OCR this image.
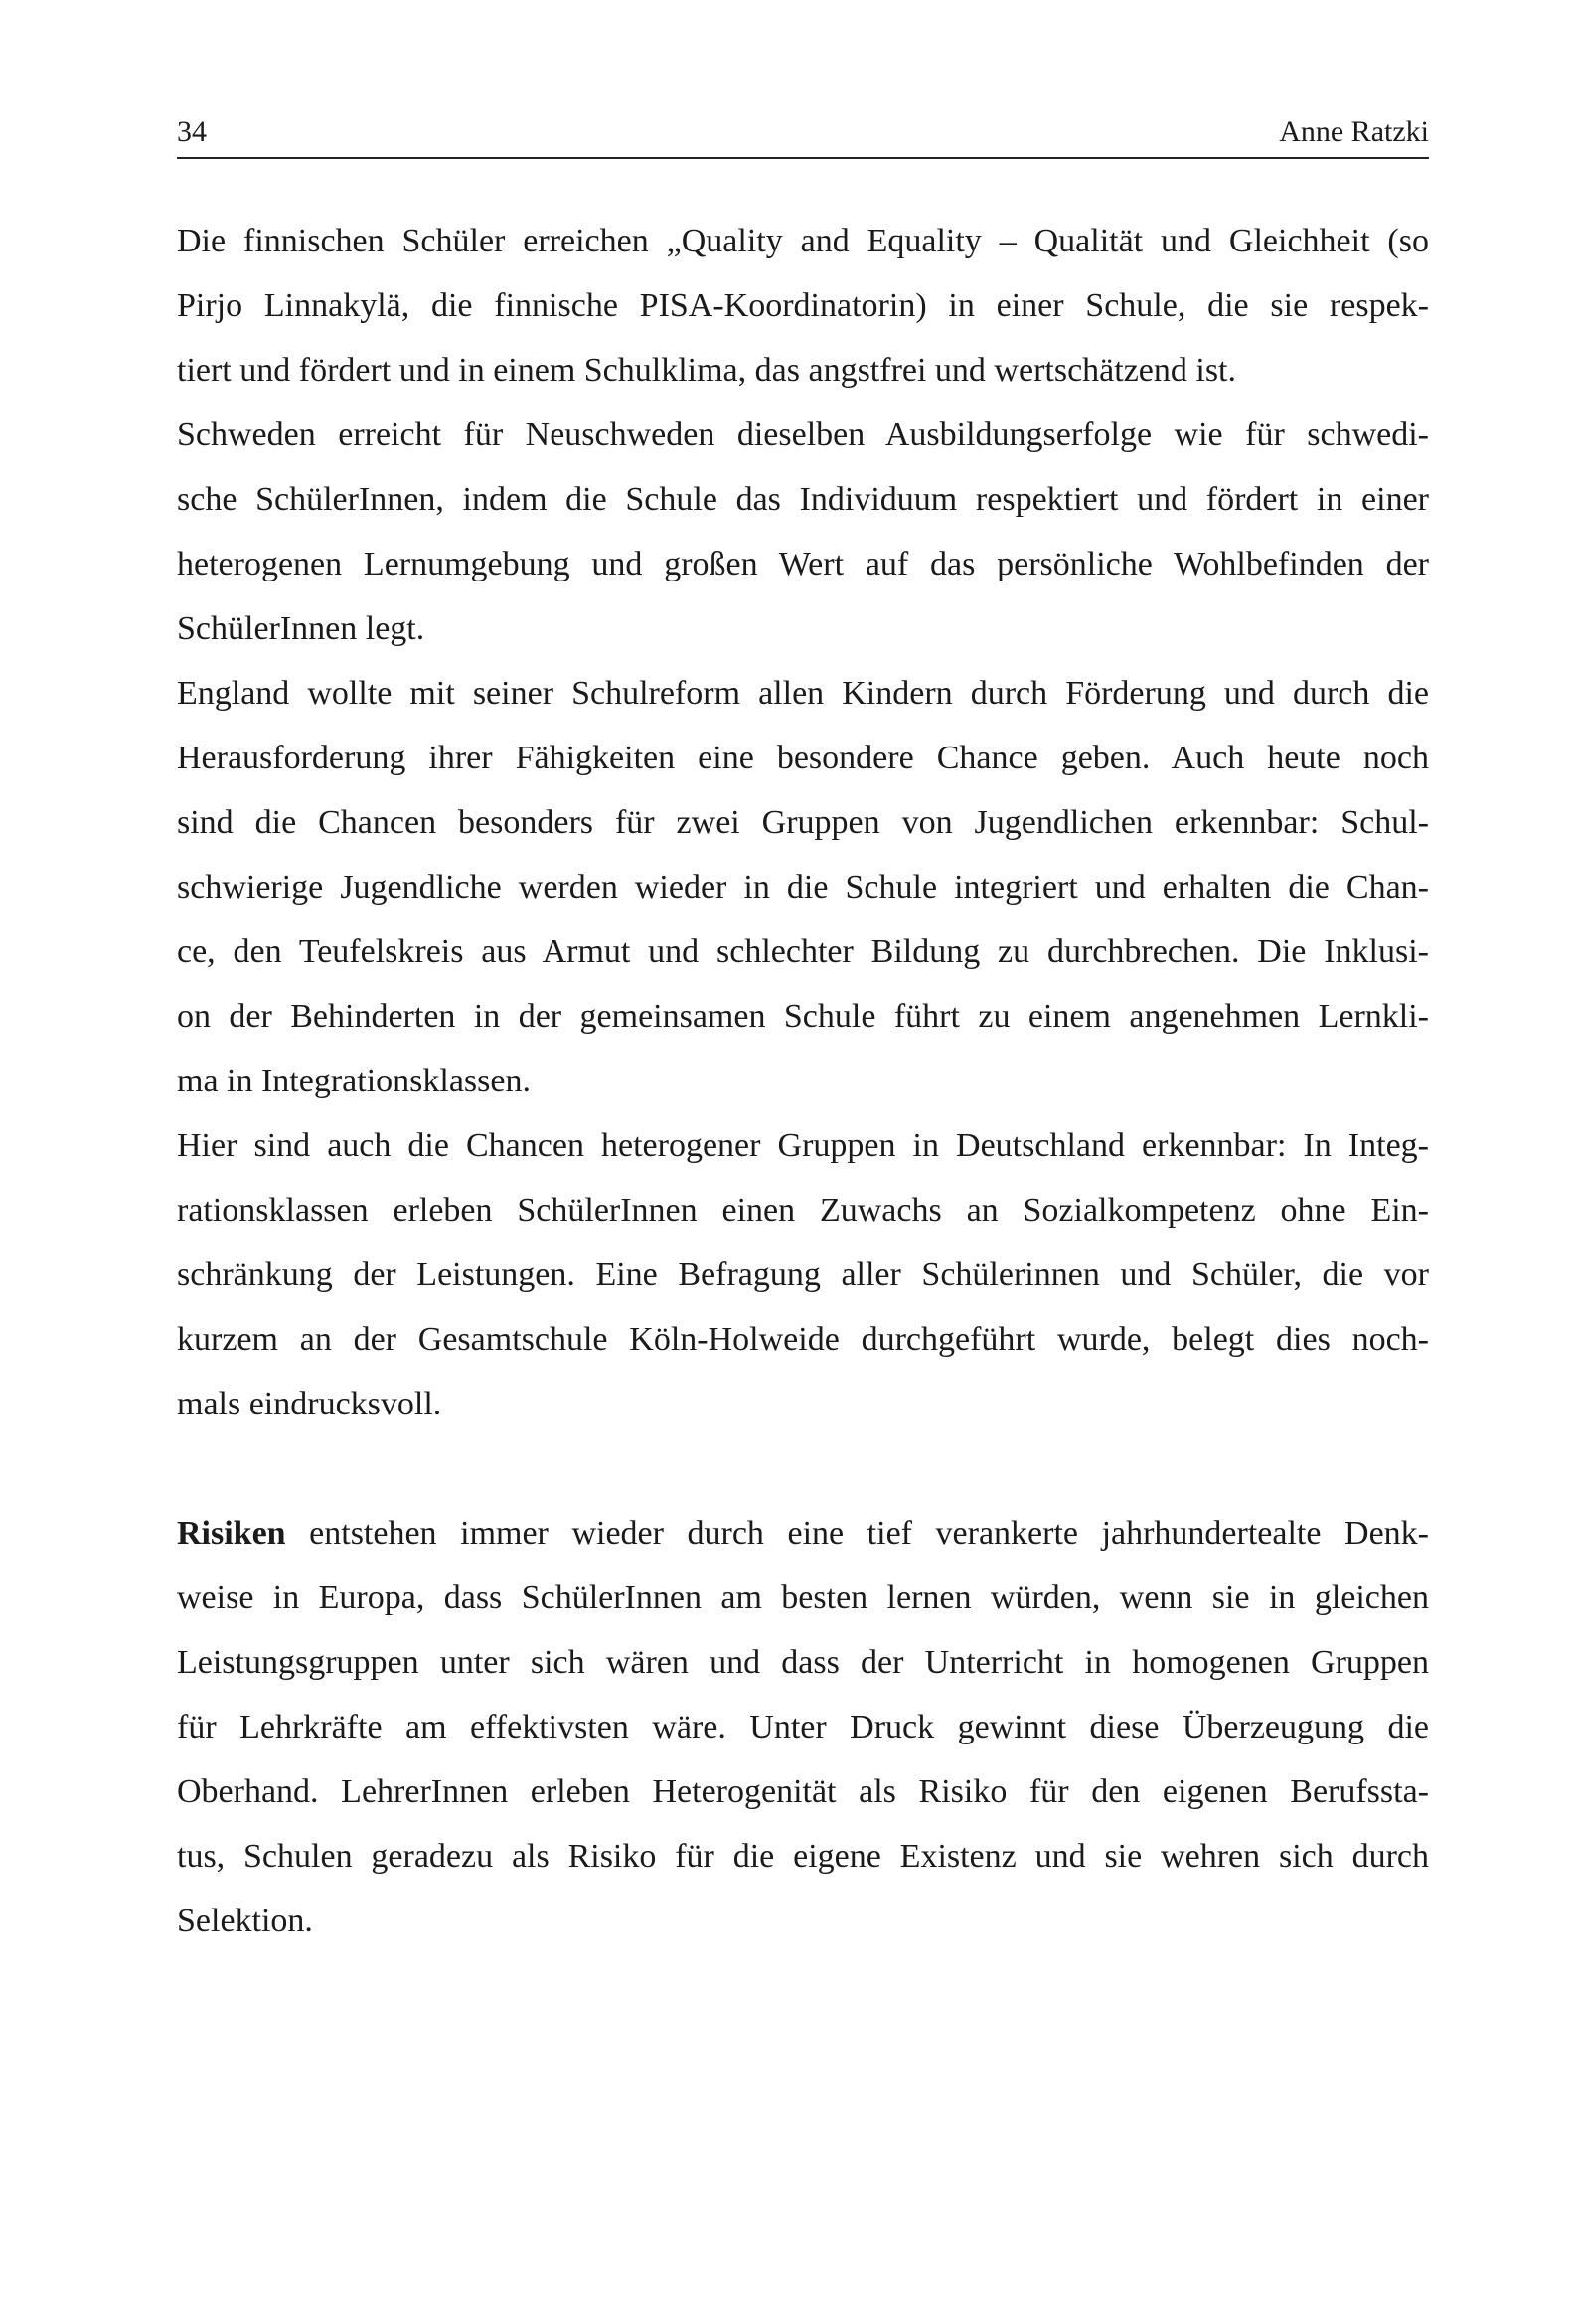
34	Anne Ratzki

Die finnischen Schüler erreichen „Quality and Equality – Qualität und Gleichheit (so
Pirjo Linnakylä, die finnische PISA-Koordinatorin) in einer Schule, die sie respek-
tiert und fördert und in einem Schulklima, das angstfrei und wertschätzend ist.

Schweden erreicht für Neuschweden dieselben Ausbildungserfolge wie für schwedi-
sche SchülerInnen, indem die Schule das Individuum respektiert und fördert in einer
heterogenen Lernumgebung und großen Wert auf das persönliche Wohlbefinden der
SchülerInnen legt.

England wollte mit seiner Schulreform allen Kindern durch Förderung und durch die
Herausforderung ihrer Fähigkeiten eine besondere Chance geben. Auch heute noch
sind die Chancen besonders für zwei Gruppen von Jugendlichen erkennbar: Schul-
schwierige Jugendliche werden wieder in die Schule integriert und erhalten die Chan-
ce, den Teufelskreis aus Armut und schlechter Bildung zu durchbrechen. Die Inklusi-
on der Behinderten in der gemeinsamen Schule führt zu einem angenehmen Lernkli-
ma in Integrationsklassen.

Hier sind auch die Chancen heterogener Gruppen in Deutschland erkennbar: In Integ-
rationsklassen erleben SchülerInnen einen Zuwachs an Sozialkompetenz ohne Ein-
schränkung der Leistungen. Eine Befragung aller Schülerinnen und Schüler, die vor
kurzem an der Gesamtschule Köln-Holweide durchgeführt wurde, belegt dies noch-
mals eindrucksvoll.

Risiken entstehen immer wieder durch eine tief verankerte jahrhundertealte Denk-
weise in Europa, dass SchülerInnen am besten lernen würden, wenn sie in gleichen
Leistungsgruppen unter sich wären und dass der Unterricht in homogenen Gruppen
für Lehrkräfte am effektivsten wäre. Unter Druck gewinnt diese Überzeugung die
Oberhand. LehrerInnen erleben Heterogenität als Risiko für den eigenen Berufssta-
tus, Schulen geradezu als Risiko für die eigene Existenz und sie wehren sich durch
Selektion.
